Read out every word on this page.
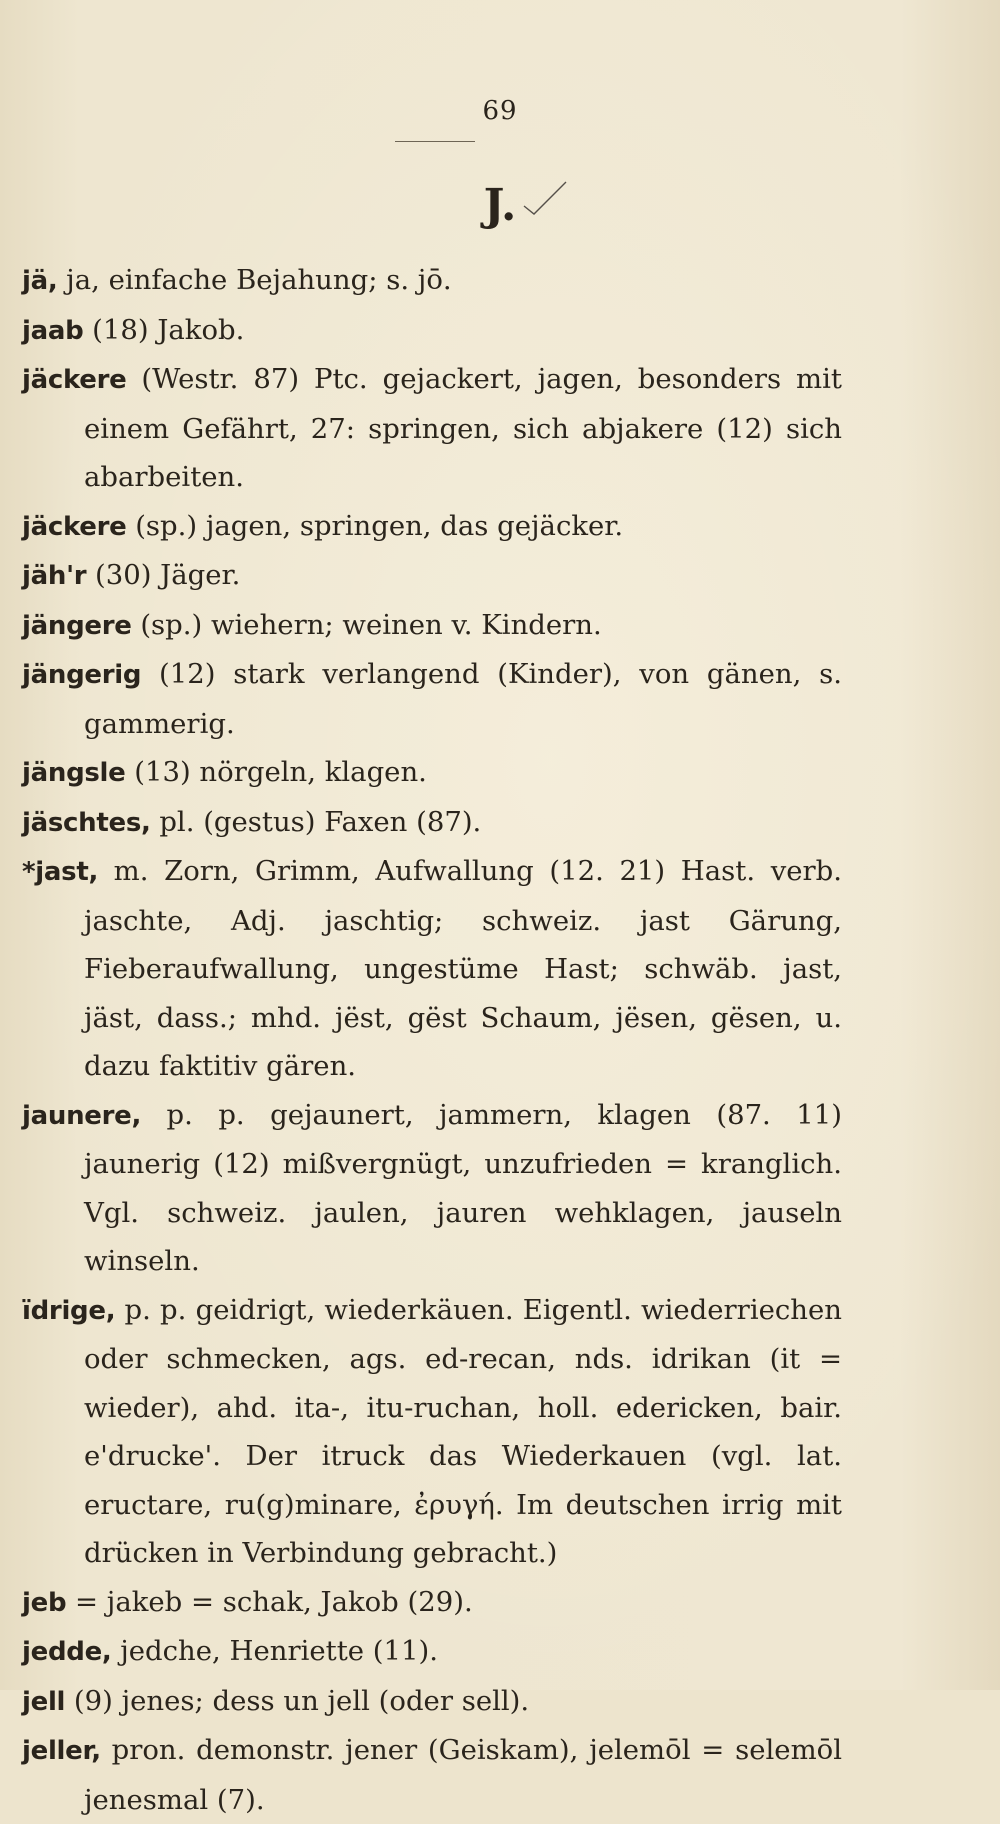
69
J.

jä, ja, einfache Bejahung; s. jō.

jaab (18) Jakob.

jäckere (Westr. 87) Ptc. gejackert, jagen, besonders mit einem Gefährt, 27: springen, sich abjakere (12) sich abarbeiten.

jäckere (sp.) jagen, springen, das gejäcker.

jäh'r (30) Jäger.

jängere (sp.) wiehern; weinen v. Kindern.

jängerig (12) stark verlangend (Kinder), von gänen, s. gammerig.

jängsle (13) nörgeln, klagen.

jäschtes, pl. (gestus) Faxen (87).

*jast, m. Zorn, Grimm, Aufwallung (12. 21) Hast. verb. jaschte, Adj. jaschtig; schweiz. jast Gärung, Fieberaufwallung, ungestüme Hast; schwäb. jast, jäst, dass.; mhd. jëst, gëst Schaum, jësen, gësen, u. dazu faktitiv gären.

jaunere, p. p. gejaunert, jammern, klagen (87. 11) jaunerig (12) mißvergnügt, unzufrieden = kranglich. Vgl. schweiz. jaulen, jauren wehklagen, jauseln winseln.

ïdrige, p. p. geidrigt, wiederkäuen. Eigentl. wiederriechen oder schmecken, ags. ed-recan, nds. idrikan (it = wieder), ahd. ita-, itu-ruchan, holl. edericken, bair. e'drucke'. Der itruck das Wiederkauen (vgl. lat. eructare, ru(g)minare, ἐρυγή. Im deutschen irrig mit drücken in Verbindung gebracht.)

jeb = jakeb = schak, Jakob (29).

jedde, jedche, Henriette (11).

jell (9) jenes; dess un jell (oder sell).

jeller, pron. demonstr. jener (Geiskam), jelemōl = selemōl jenesmal (7).
